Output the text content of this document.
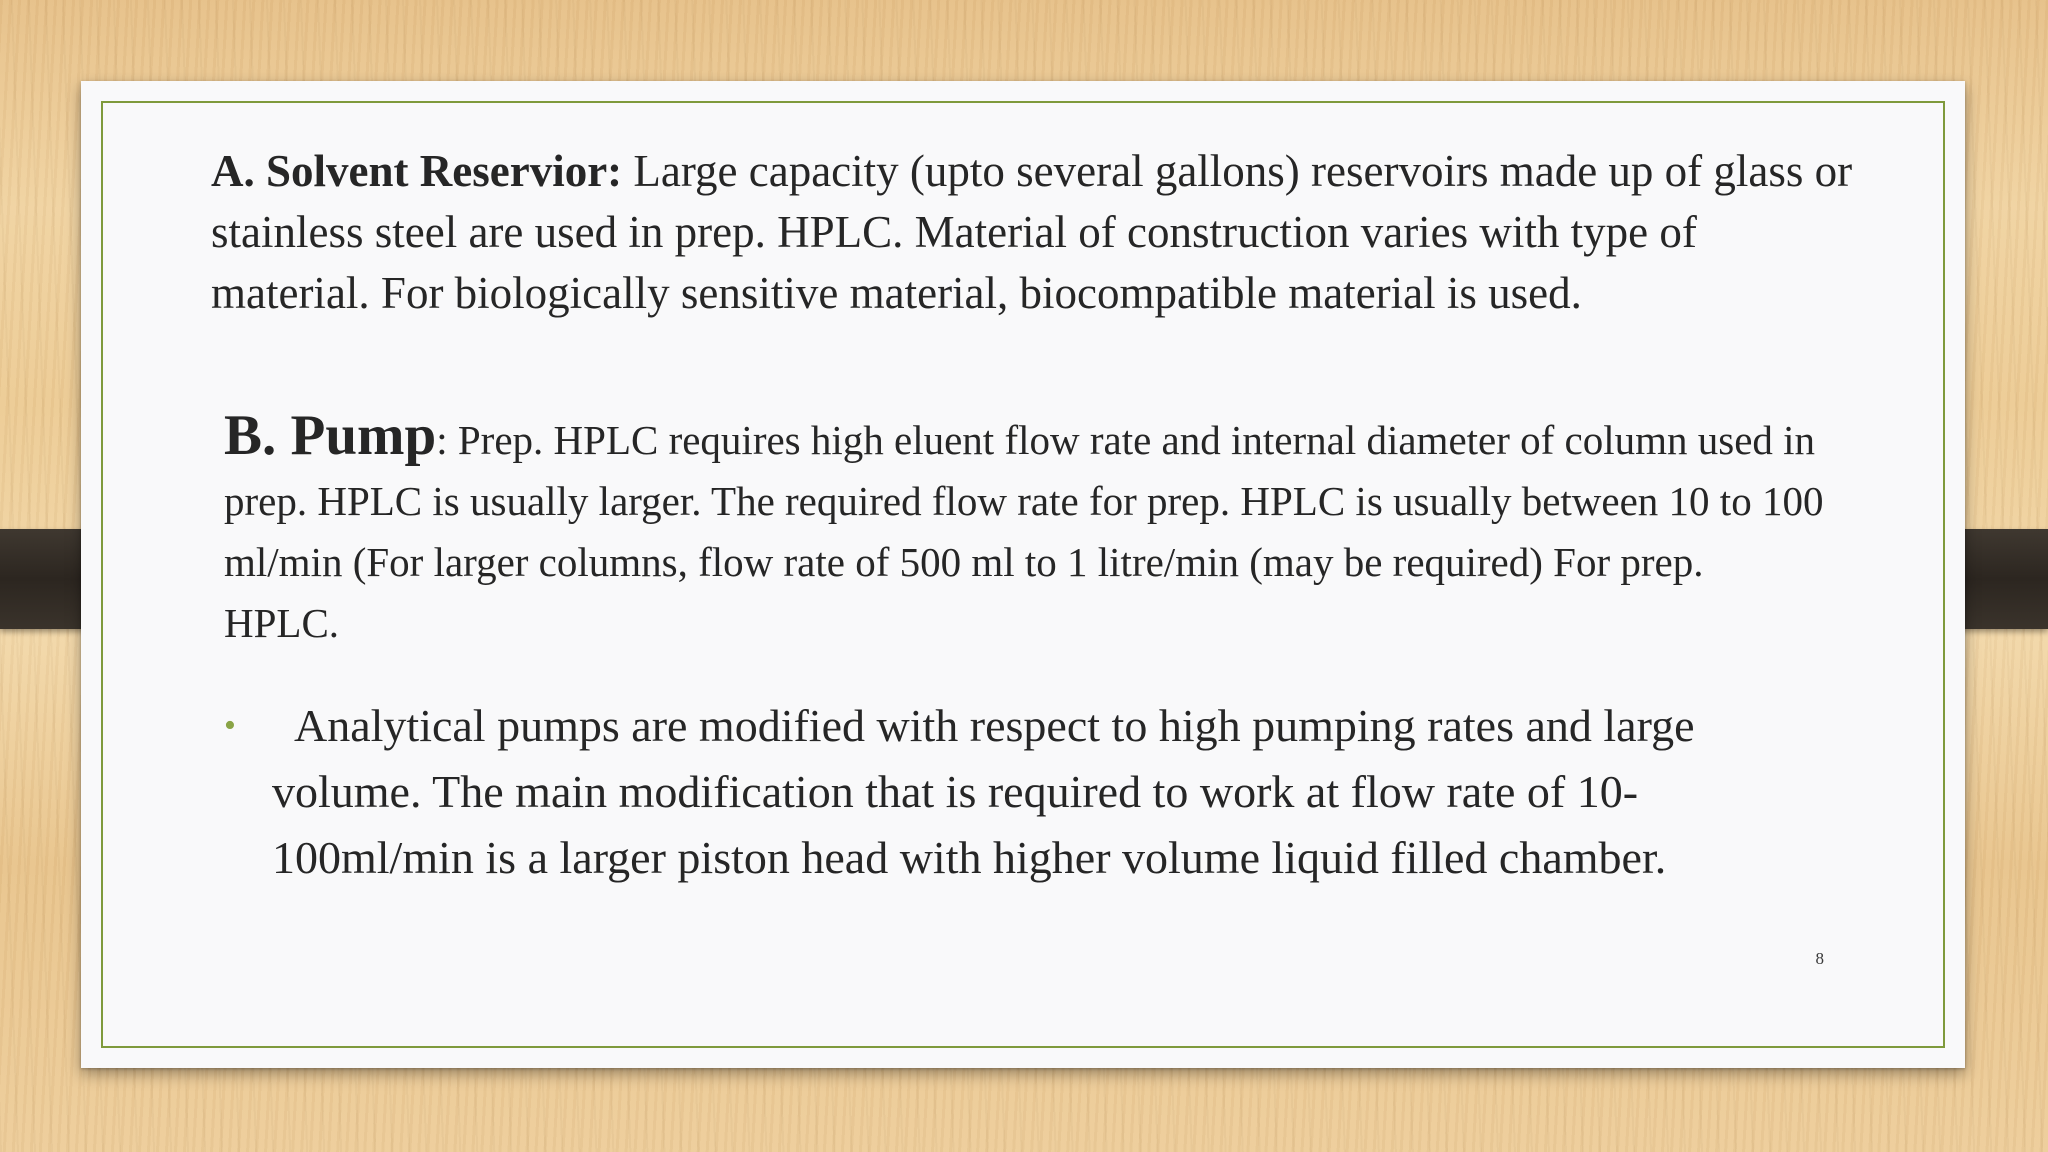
A. Solvent Reservior: Large capacity (upto several gallons) reservoirs made up of glass or stainless steel are used in prep. HPLC. Material of construction varies with type of material. For biologically sensitive material, biocompatible material is used.

B. Pump: Prep. HPLC requires high eluent flow rate and internal diameter of column used in prep. HPLC is usually larger. The required flow rate for prep. HPLC is usually between 10 to 100 ml/min (For larger columns, flow rate of 500 ml to 1 litre/min (may be required) For prep. HPLC.

•	Analytical pumps are modified with respect to high pumping rates and large volume. The main modification that is required to work at flow rate of 10-100ml/min is a larger piston head with higher volume liquid filled chamber.
8
